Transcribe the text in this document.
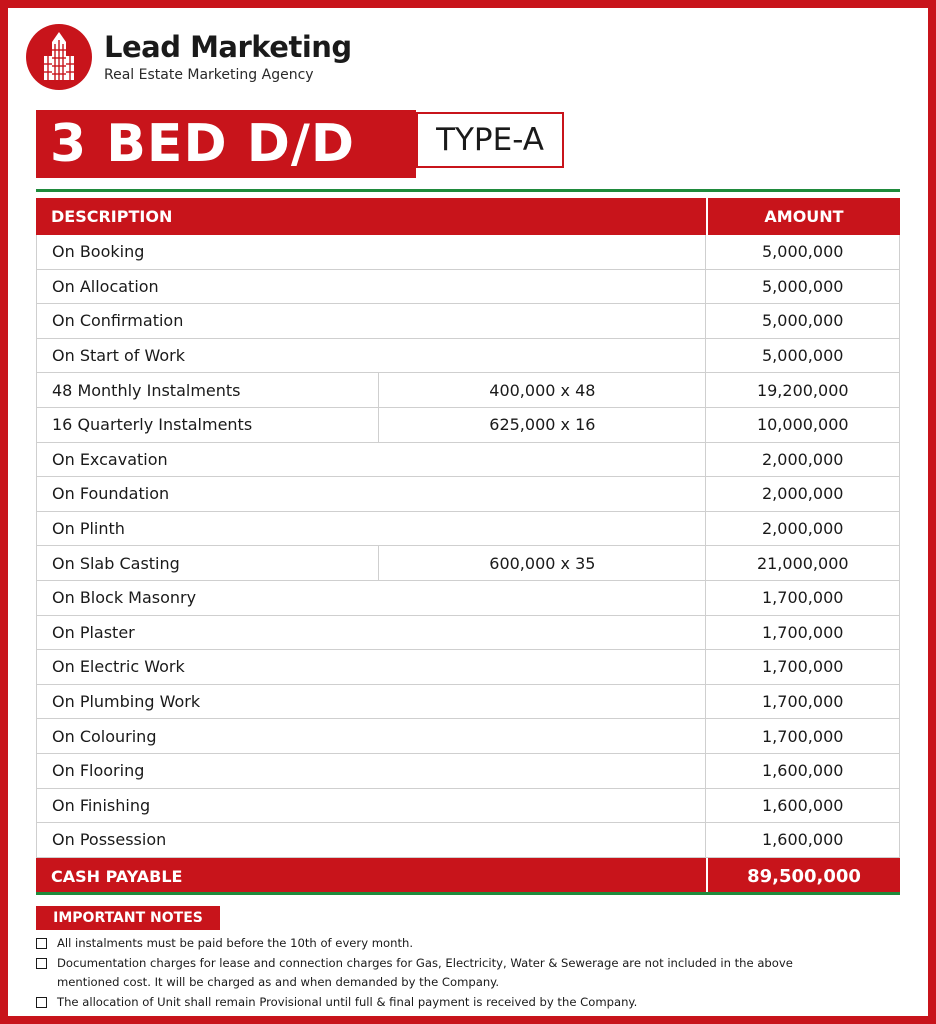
Lead Marketing
Real Estate Marketing Agency
3 BED D/D	TYPE-A
DESCRIPTION	AMOUNT
On Booking	5,000,000
On Allocation	5,000,000
On Confirmation	5,000,000
On Start of Work	5,000,000
48 Monthly Instalments	400,000 x 48	19,200,000
16 Quarterly Instalments	625,000 x 16	10,000,000
On Excavation	2,000,000
On Foundation	2,000,000
On Plinth	2,000,000
On Slab Casting	600,000 x 35	21,000,000
On Block Masonry	1,700,000
On Plaster	1,700,000
On Electric Work	1,700,000
On Plumbing Work	1,700,000
On Colouring	1,700,000
On Flooring	1,600,000
On Finishing	1,600,000
On Possession	1,600,000
CASH PAYABLE	89,500,000
IMPORTANT NOTES
All instalments must be paid before the 10th of every month.
Documentation charges for lease and connection charges for Gas, Electricity, Water & Sewerage are not included in the above mentioned cost. It will be charged as and when demanded by the Company.
The allocation of Unit shall remain Provisional until full & final payment is received by the Company.
